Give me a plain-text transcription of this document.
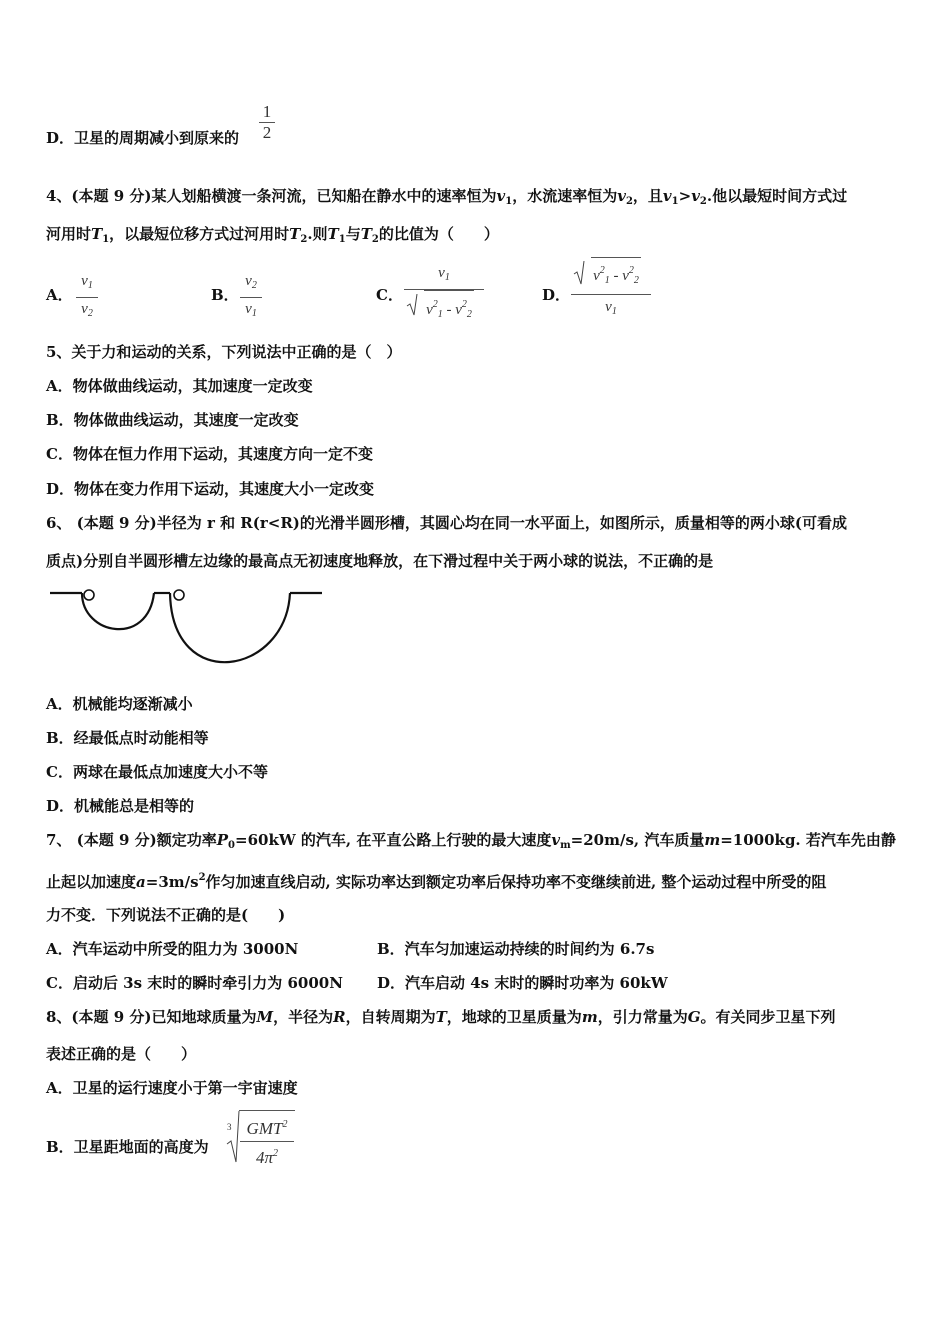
D．卫星的周期减小到原来的 $\frac{1}{2}$
4、(本题 9 分)某人划船横渡一条河流，已知船在静水中的速率恒为$v_1$，水流速率恒为$v_2$，且$v_1>v_2$.他以最短时间方式过
河用时$T_1$，以最短位移方式过河用时$T_2$.则$T_1$与$T_2$的比值为（　　）
A． $\frac{v_1}{v_2}$	B． $\frac{v_2}{v_1}$	C． $\frac{v_1}{v^2_1 - v^2_2}$	D． $\frac{v^2_1 - v^2_2}{v_1}$
5、关于力和运动的关系，下列说法中正确的是（　）
A．物体做曲线运动，其加速度一定改变
B．物体做曲线运动，其速度一定改变
C．物体在恒力作用下运动，其速度方向一定不变
D．物体在变力作用下运动，其速度大小一定改变
6、 (本题 9 分)半径为 r 和 R(r<R)的光滑半圆形槽，其圆心均在同一水平面上，如图所示，质量相等的两小球(可看成
质点)分别自半圆形槽左边缘的最高点无初速度地释放，在下滑过程中关于两小球的说法，不正确的是
A．机械能均逐渐减小
B．经最低点时动能相等
C．两球在最低点加速度大小不等
D．机械能总是相等的
7、 (本题 9 分)额定功率$P_0=60kW$ 的汽车, 在平直公路上行驶的最大速度$v_m=20m/s$, 汽车质量m=1000kg. 若汽车先由静
止起以加速度$a=3m/s^2$作匀加速直线启动, 实际功率达到额定功率后保持功率不变继续前进, 整个运动过程中所受的阻
力不变．下列说法不正确的是(　　)
A．汽车运动中所受的阻力为 3000N	B．汽车匀加速运动持续的时间约为 6.7s
C．启动后 3s 末时的瞬时牵引力为 6000N D．汽车启动 4s 末时的瞬时功率为 60kW
8、(本题 9 分)已知地球质量为M，半径为R，自转周期为T，地球的卫星质量为m，引力常量为G。有关同步卫星下列
表述正确的是（　　）
A．卫星的运行速度小于第一宇宙速度
B．卫星距地面的高度为
3 GMT$^2$
$4\pi^2$
